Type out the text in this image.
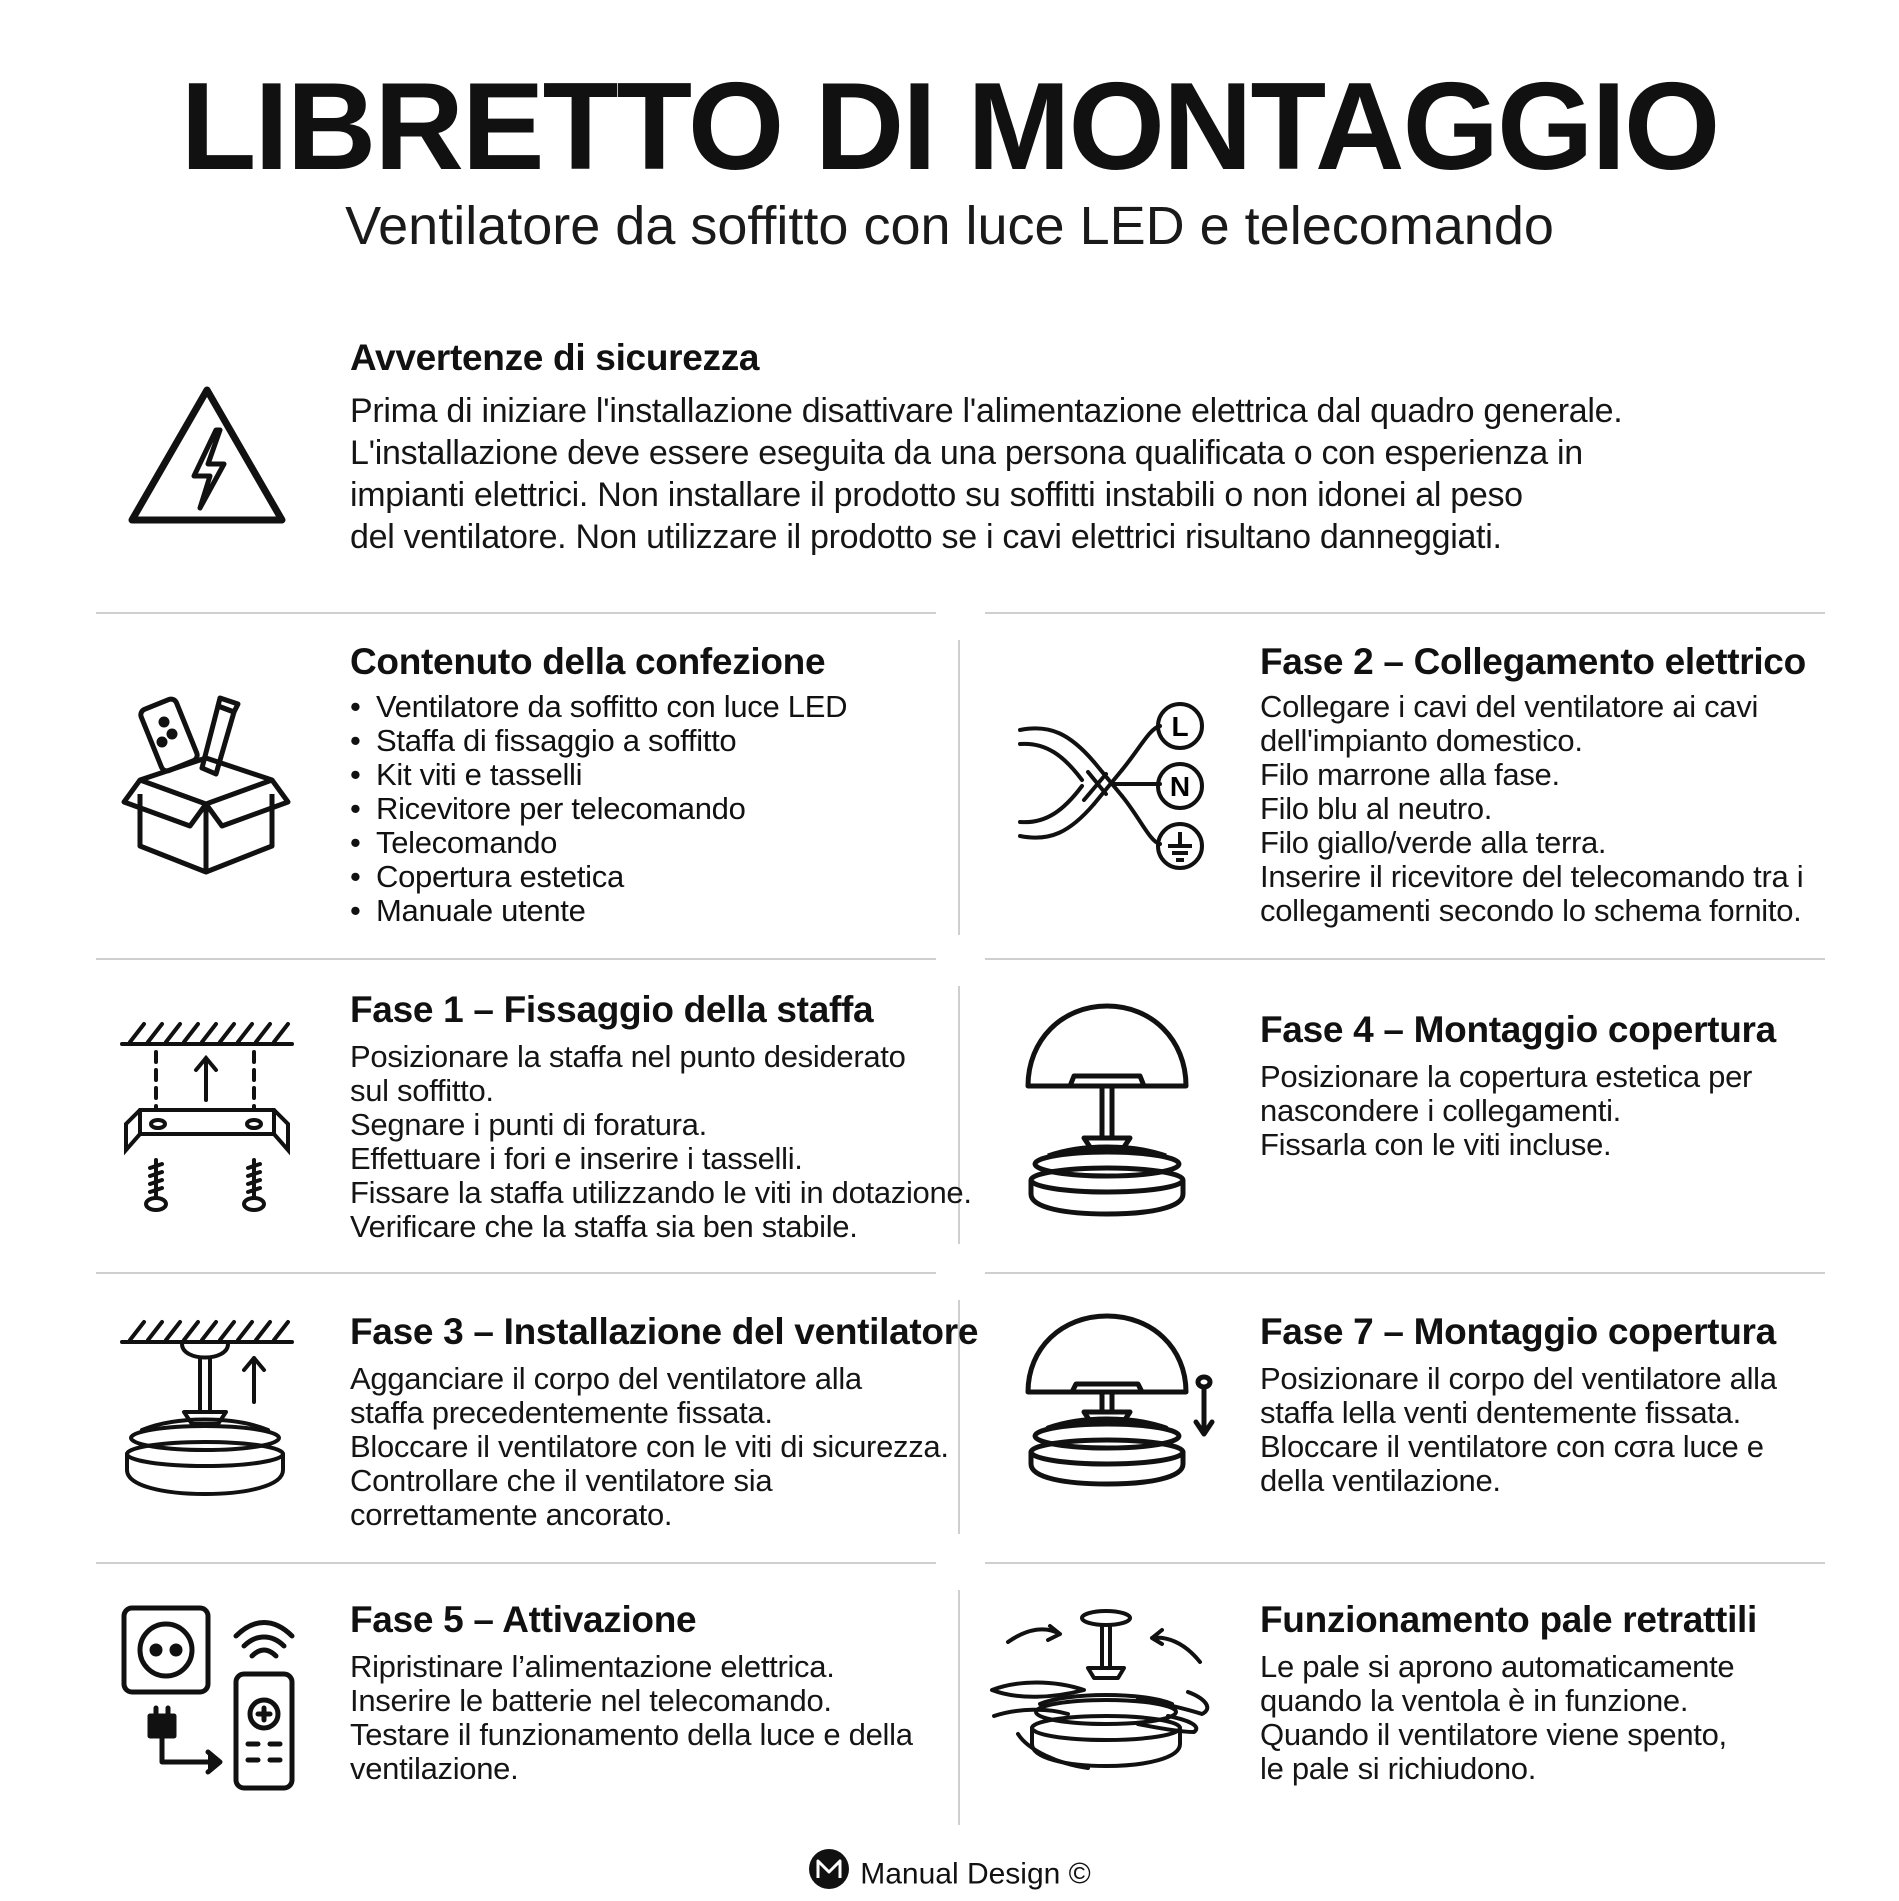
LIBRETTO DI MONTAGGIO
Ventilatore da soffitto con luce LED e telecomando
Avvertenze di sicurezza
Prima di iniziare l'installazione disattivare l'alimentazione elettrica dal quadro generale.
L'installazione deve essere eseguita da una persona qualificata o con esperienza in
impianti elettrici. Non installare il prodotto su soffitti instabili o non idonei al peso
del ventilatore. Non utilizzare il prodotto se i cavi elettrici risultano danneggiati.
Contenuto della confezione
• Ventilatore da soffitto con luce LED
• Staffa di fissaggio a soffitto
• Kit viti e tasselli
• Ricevitore per telecomando
• Telecomando
• Copertura estetica
• Manuale utente
L
N
Fase 2 – Collegamento elettrico
Collegare i cavi del ventilatore ai cavi
dell'impianto domestico.
Filo marrone alla fase.
Filo blu al neutro.
Filo giallo/verde alla terra.
Inserire il ricevitore del telecomando tra i
collegamenti secondo lo schema fornito.
Fase 1 – Fissaggio della staffa
Posizionare la staffa nel punto desiderato
sul soffitto.
Segnare i punti di foratura.
Effettuare i fori e inserire i tasselli.
Fissare la staffa utilizzando le viti in dotazione.
Verificare che la staffa sia ben stabile.
Fase 4 – Montaggio copertura
Posizionare la copertura estetica per
nascondere i collegamenti.
Fissarla con le viti incluse.
Fase 3 – Installazione del ventilatore
Agganciare il corpo del ventilatore alla
staffa precedentemente fissata.
Bloccare il ventilatore con le viti di sicurezza.
Controllare che il ventilatore sia
correttamente ancorato.
Fase 7 – Montaggio copertura
Posizionare il corpo del ventilatore alla
staffa lella venti dentemente fissata.
Bloccare il ventilatore con cσra luce e
della ventilazione.
Fase 5 – Attivazione
Ripristinare l’alimentazione elettrica.
Inserire le batterie nel telecomando.
Testare il funzionamento della luce e della
ventilazione.
Funzionamento pale retrattili
Le pale si aprono automaticamente
quando la ventola è in funzione.
Quando il ventilatore viene spento,
le pale si richiudono.
Manual Design ©
